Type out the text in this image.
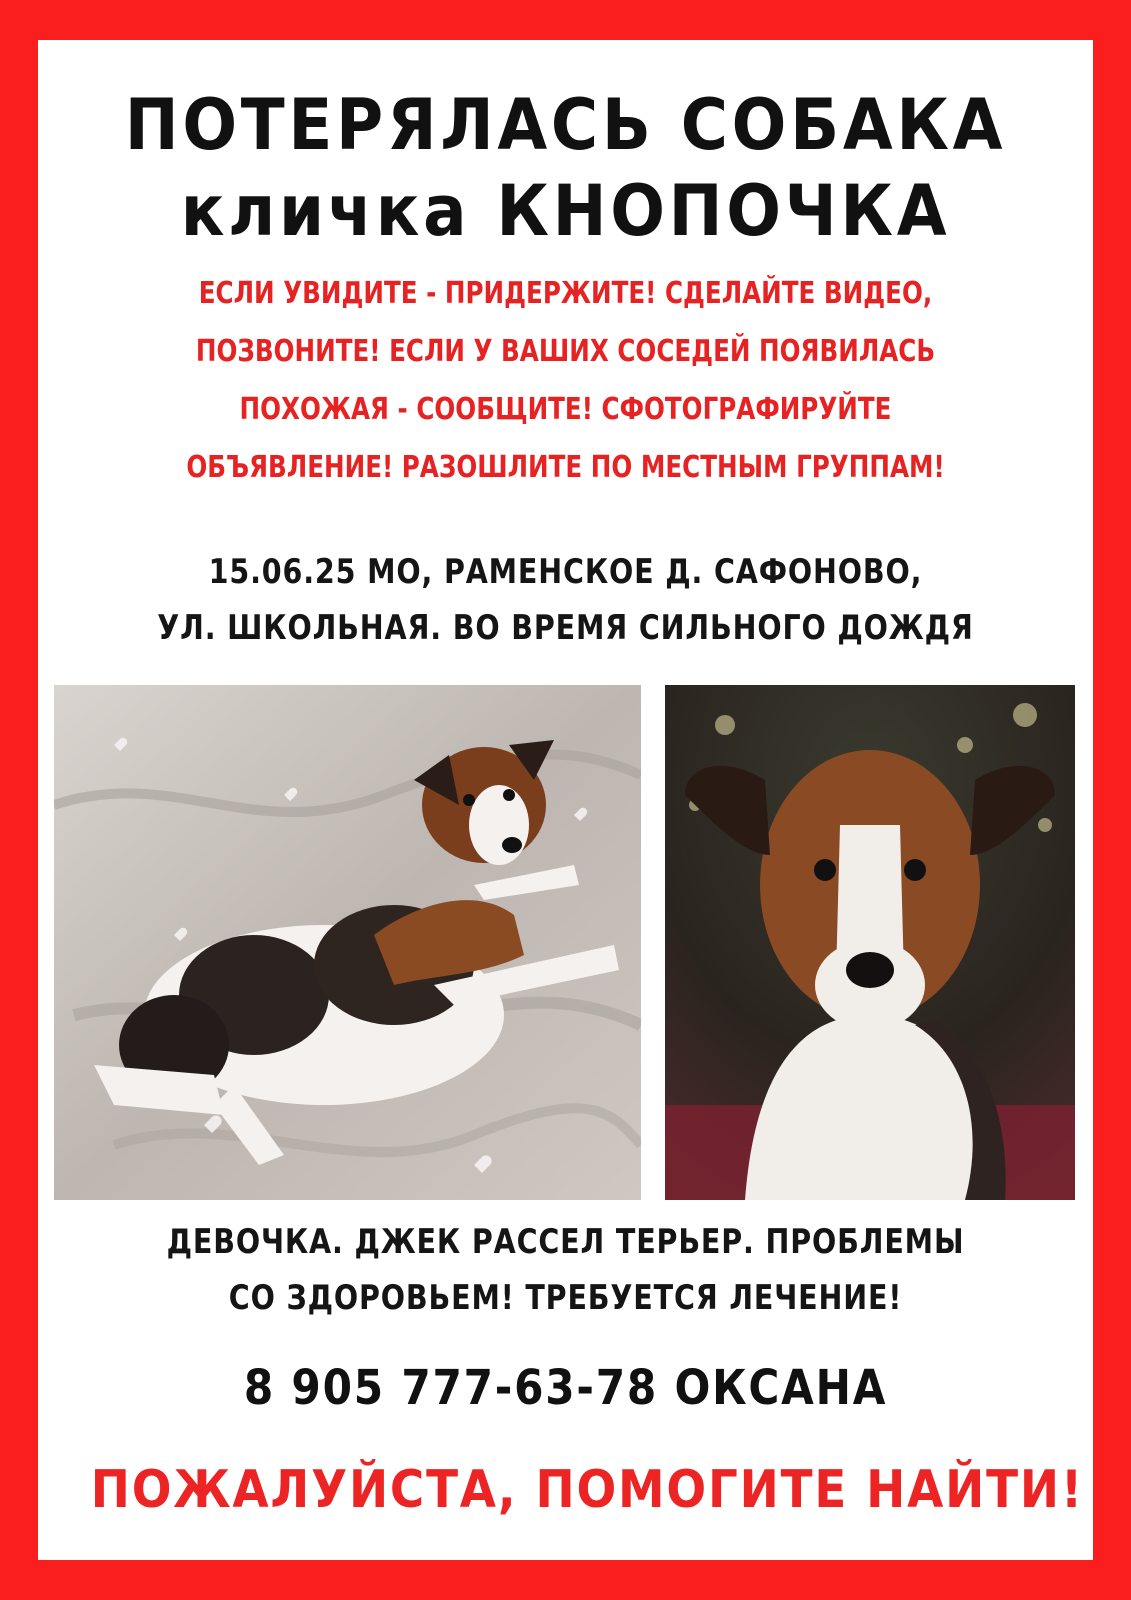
ПОТЕРЯЛАСЬ СОБАКА
кличка КНОПОЧКА
ЕСЛИ УВИДИТЕ - ПРИДЕРЖИТЕ! СДЕЛАЙТЕ ВИДЕО,
ПОЗВОНИТЕ! ЕСЛИ У ВАШИХ СОСЕДЕЙ ПОЯВИЛАСЬ
ПОХОЖАЯ - СООБЩИТЕ! СФОТОГРАФИРУЙТЕ
ОБЪЯВЛЕНИЕ! РАЗОШЛИТЕ ПО МЕСТНЫМ ГРУППАМ!
15.06.25 МО, РАМЕНСКОЕ Д. САФОНОВО,
УЛ. ШКОЛЬНАЯ. ВО ВРЕМЯ СИЛЬНОГО ДОЖДЯ
ДЕВОЧКА. ДЖЕК РАССЕЛ ТЕРЬЕР. ПРОБЛЕМЫ
СО ЗДОРОВЬЕМ! ТРЕБУЕТСЯ ЛЕЧЕНИЕ!
8 905 777-63-78 ОКСАНА
ПОЖАЛУЙСТА, ПОМОГИТЕ НАЙТИ!
